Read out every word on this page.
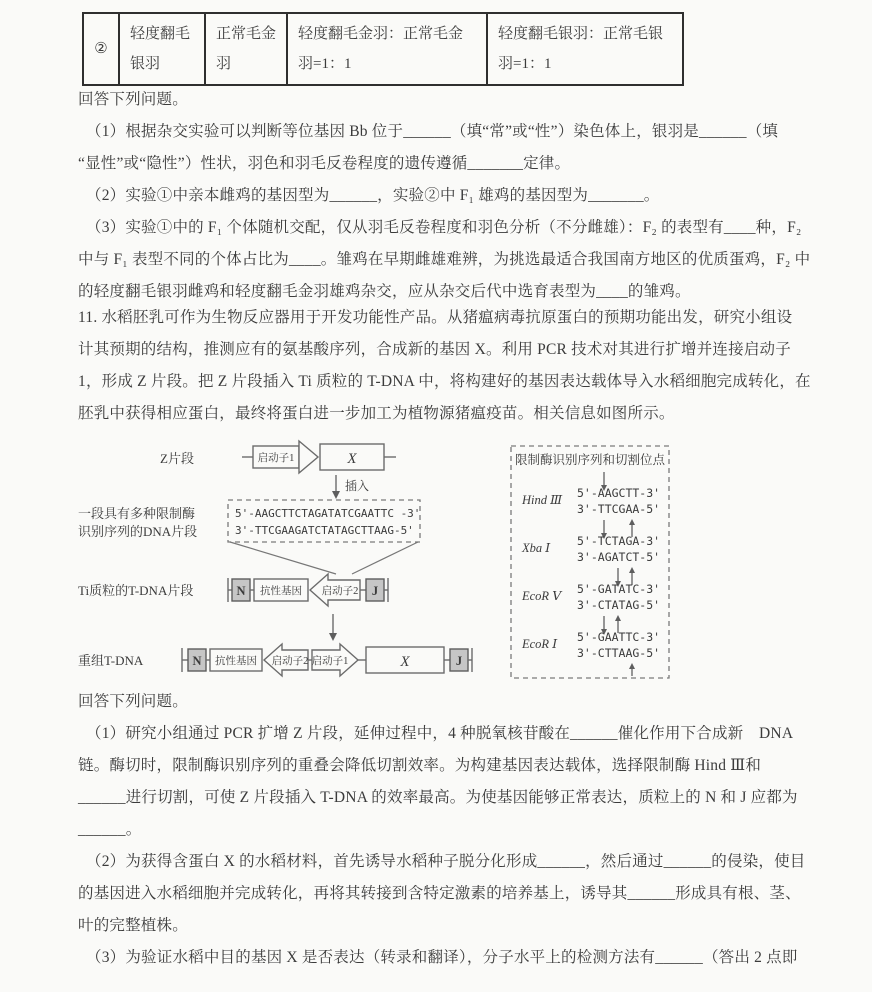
②	轻度翻毛银羽	正常毛金羽	轻度翻毛金羽：正常毛金羽=1：1	轻度翻毛银羽：正常毛银羽=1：1
回答下列问题。
（1）根据杂交实验可以判断等位基因 Bb 位于______（填“常”或“性”）染色体上，银羽是______（填
“显性”或“隐性”）性状，羽色和羽毛反卷程度的遗传遵循_______定律。
（2）实验①中亲本雌鸡的基因型为______，实验②中 F₁ 雄鸡的基因型为_______。
（3）实验①中的 F₁ 个体随机交配，仅从羽毛反卷程度和羽色分析（不分雌雄）：F₂ 的表型有____种，F₂
中与 F₁ 表型不同的个体占比为____。雏鸡在早期雌雄难辨，为挑选最适合我国南方地区的优质蛋鸡，F₂ 中
的轻度翻毛银羽雌鸡和轻度翻毛金羽雄鸡杂交，应从杂交后代中选育表型为____的雏鸡。
11. 水稻胚乳可作为生物反应器用于开发功能性产品。从猪瘟病毒抗原蛋白的预期功能出发，研究小组设
计其预期的结构，推测应有的氨基酸序列，合成新的基因 X。利用 PCR 技术对其进行扩增并连接启动子
1，形成 Z 片段。把 Z 片段插入 Ti 质粒的 T-DNA 中，将构建好的基因表达载体导入水稻细胞完成转化，在
胚乳中获得相应蛋白，最终将蛋白进一步加工为植物源猪瘟疫苗。相关信息如图所示。
Z片段	启动子1	X
插入
一段具有多种限制酶
识别序列的DNA片段
5'-AAGCTTCTAGATATCGAATTC -3'
3'-TTCGAAGATCTATAGCTTAAG-5'
Ti质粒的T-DNA片段	N 抗性基因 启动子2 J
重组T-DNA	N 抗性基因 启动子2 启动子1	X	J
限制酶识别序列和切割位点
Hind Ⅲ 5'-AAGCTT-3'
3'-TTCGAA-5'
Xba Ⅰ 5'-TCTAGA-3'
3'-AGATCT-5'
EcoR Ⅴ 5'-GATATC-3'
3'-CTATAG-5'
EcoR Ⅰ 5'-GAATTC-3'
3'-CTTAAG-5'
回答下列问题。
（1）研究小组通过 PCR 扩增 Z 片段，延伸过程中，4 种脱氧核苷酸在______催化作用下合成新　DNA
链。酶切时，限制酶识别序列的重叠会降低切割效率。为构建基因表达载体，选择限制酶 Hind Ⅲ和
______进行切割，可使 Z 片段插入 T-DNA 的效率最高。为使基因能够正常表达，质粒上的 N 和 J 应都为
______。
（2）为获得含蛋白 X 的水稻材料，首先诱导水稻种子脱分化形成______，然后通过______的侵染，使目
的基因进入水稻细胞并完成转化，再将其转接到含特定激素的培养基上，诱导其______形成具有根、茎、
叶的完整植株。
（3）为验证水稻中目的基因 X 是否表达（转录和翻译），分子水平上的检测方法有______（答出 2 点即
